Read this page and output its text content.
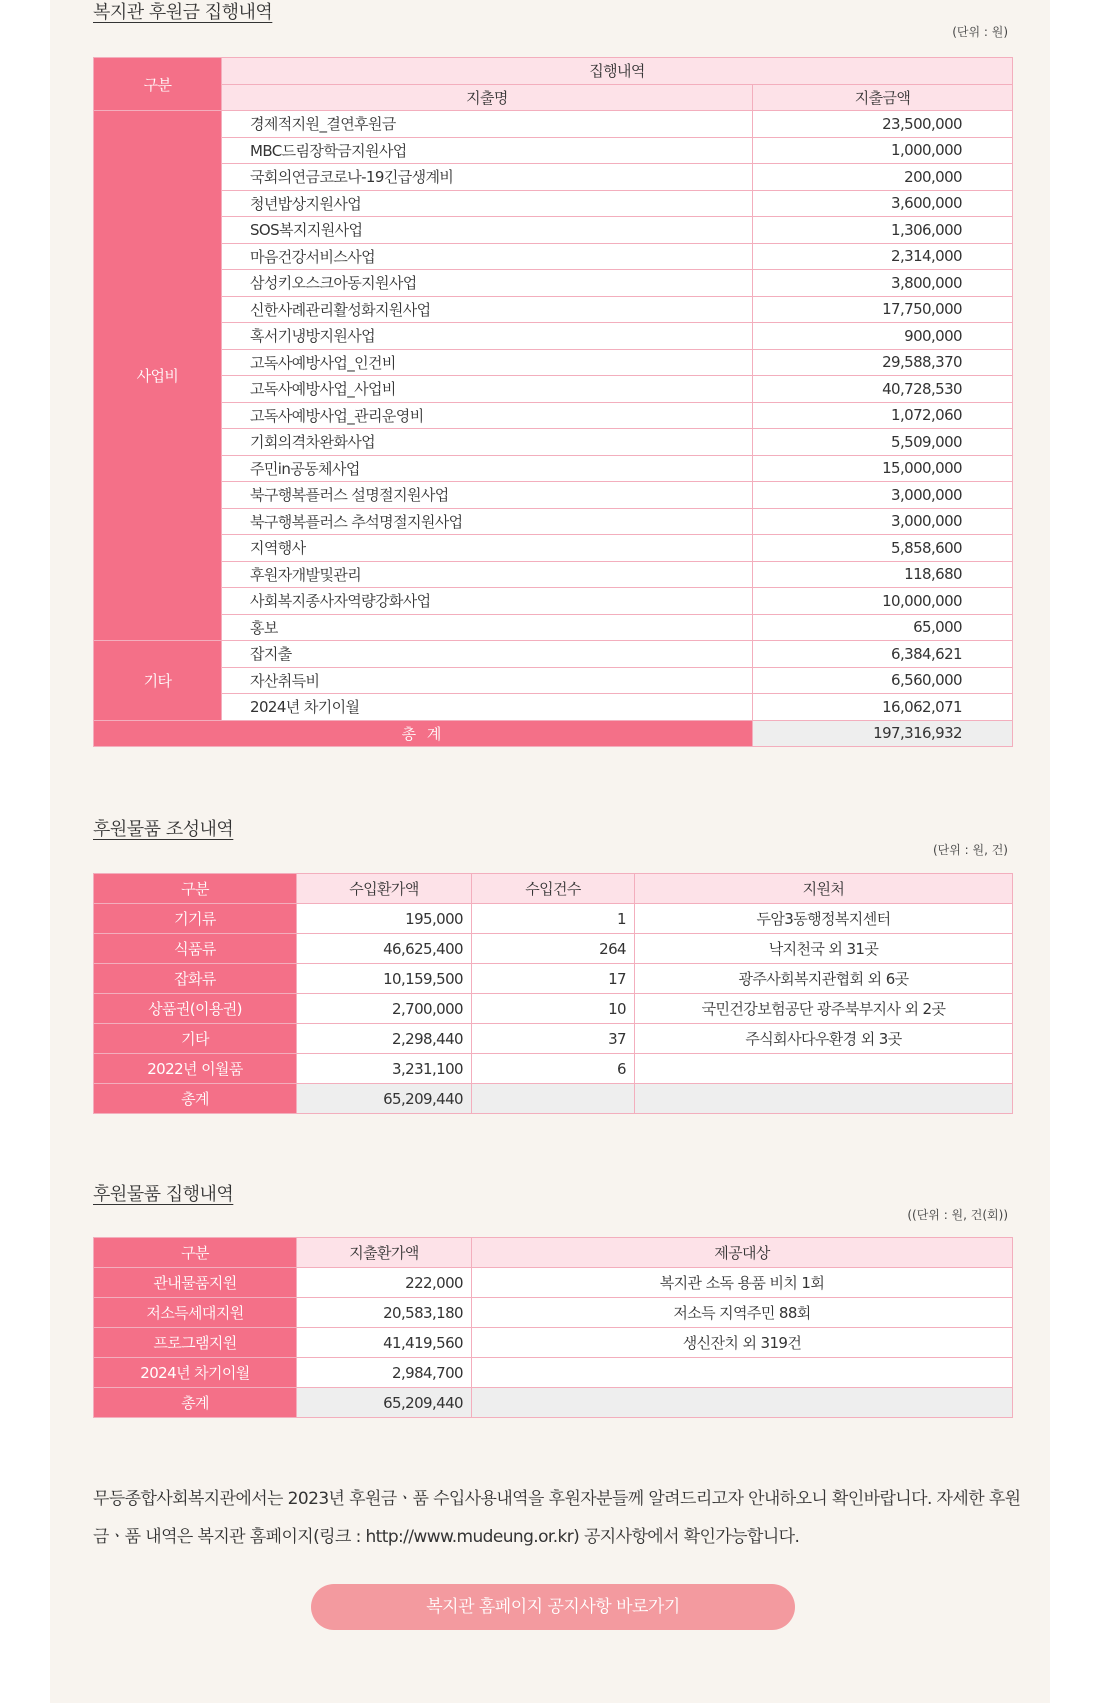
복지관 후원금 집행내역
(단위 : 원)
구분	집행내역	
	지출명	지출금액
사업비	경제적지원_결연후원금	23,500,000
	MBC드림장학금지원사업	1,000,000
	국회의연금코로나-19긴급생계비	200,000
	청년밥상지원사업	3,600,000
	SOS복지지원사업	1,306,000
	마음건강서비스사업	2,314,000
	삼성키오스크아동지원사업	3,800,000
	신한사례관리활성화지원사업	17,750,000
	혹서기냉방지원사업	900,000
	고독사예방사업_인건비	29,588,370
	고독사예방사업_사업비	40,728,530
	고독사예방사업_관리운영비	1,072,060
	기회의격차완화사업	5,509,000
	주민in공동체사업	15,000,000
	북구행복플러스 설명절지원사업	3,000,000
	북구행복플러스 추석명절지원사업	3,000,000
	지역행사	5,858,600
	후원자개발및관리	118,680
	사회복지종사자역량강화사업	10,000,000
	홍보	65,000
기타	잡지출	6,384,621
	자산취득비	6,560,000
	2024년 차기이월	16,062,071
총 계		197,316,932
후원물품 조성내역
(단위 : 원, 건)
구분	수입환가액	수입건수	지원처
기기류	195,000	1	두암3동행정복지센터
식품류	46,625,400	264	낙지천국 외 31곳
잡화류	10,159,500	17	광주사회복지관협회 외 6곳
상품권(이용권)	2,700,000	10	국민건강보험공단 광주북부지사 외 2곳
기타	2,298,440	37	주식회사다우환경 외 3곳
2022년 이월품	3,231,100	6	
총계	65,209,440		
후원물품 집행내역
((단위 : 원, 건(회))
구분	지출환가액	제공대상
관내물품지원	222,000	복지관 소독 용품 비치 1회
저소득세대지원	20,583,180	저소득 지역주민 88회
프로그램지원	41,419,560	생신잔치 외 319건
2024년 차기이월	2,984,700	
총계	65,209,440	
무등종합사회복지관에서는 2023년 후원금ㆍ품 수입사용내역을 후원자분들께 알려드리고자 안내하오니 확인바랍니다. 자세한 후원금ㆍ품 내역은 복지관 홈페이지(링크 : http://www.mudeung.or.kr) 공지사항에서 확인가능합니다.
복지관 홈페이지 공지사항 바로가기
